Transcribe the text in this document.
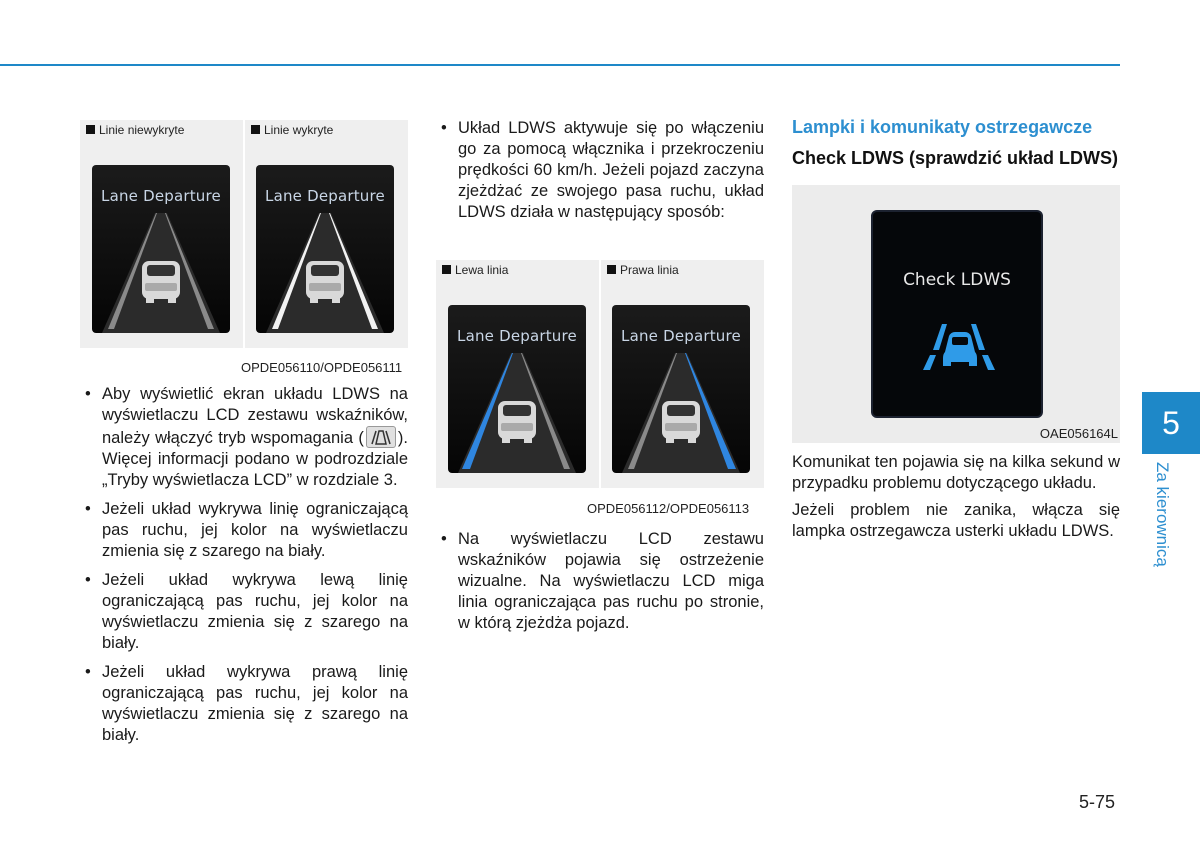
Linie niewykryte
Lane Departure
Linie wykryte
Lane Departure
OPDE056110/OPDE056111
• Aby wyświetlić ekran układu LDWS na wyświetlaczu LCD zestawu wskaźników, należy włączyć tryb wspomagania ( ). Więcej informacji podano w podrozdziale „Tryby wyświetlacza LCD” w rozdziale 3.
• Jeżeli układ wykrywa linię ograniczającą pas ruchu, jej kolor na wyświetlaczu zmienia się z szarego na biały.
• Jeżeli układ wykrywa lewą linię ograniczającą pas ruchu, jej kolor na wyświetlaczu zmienia się z szarego na biały.
• Jeżeli układ wykrywa prawą linię ograniczającą pas ruchu, jej kolor na wyświetlaczu zmienia się z szarego na biały.
• Układ LDWS aktywuje się po włączeniu go za pomocą włącznika i przekroczeniu prędkości 60 km/h. Jeżeli pojazd zaczyna zjeżdżać ze swojego pasa ruchu, układ LDWS działa w następujący sposób:
Lewa linia
Lane Departure
Prawa linia
Lane Departure
OPDE056112/OPDE056113
• Na wyświetlaczu LCD zestawu wskaźników pojawia się ostrzeżenie wizualne. Na wyświetlaczu LCD miga linia ograniczająca pas ruchu po stronie, w którą zjeżdża pojazd.
Lampki i komunikaty ostrzegawcze
Check LDWS (sprawdzić układ LDWS)
Check LDWS
OAE056164L
Komunikat ten pojawia się na kilka sekund w przypadku problemu dotyczącego układu.
Jeżeli problem nie zanika, włącza się lampka ostrzegawcza usterki układu LDWS.
5
Za kierownicą
5-75
